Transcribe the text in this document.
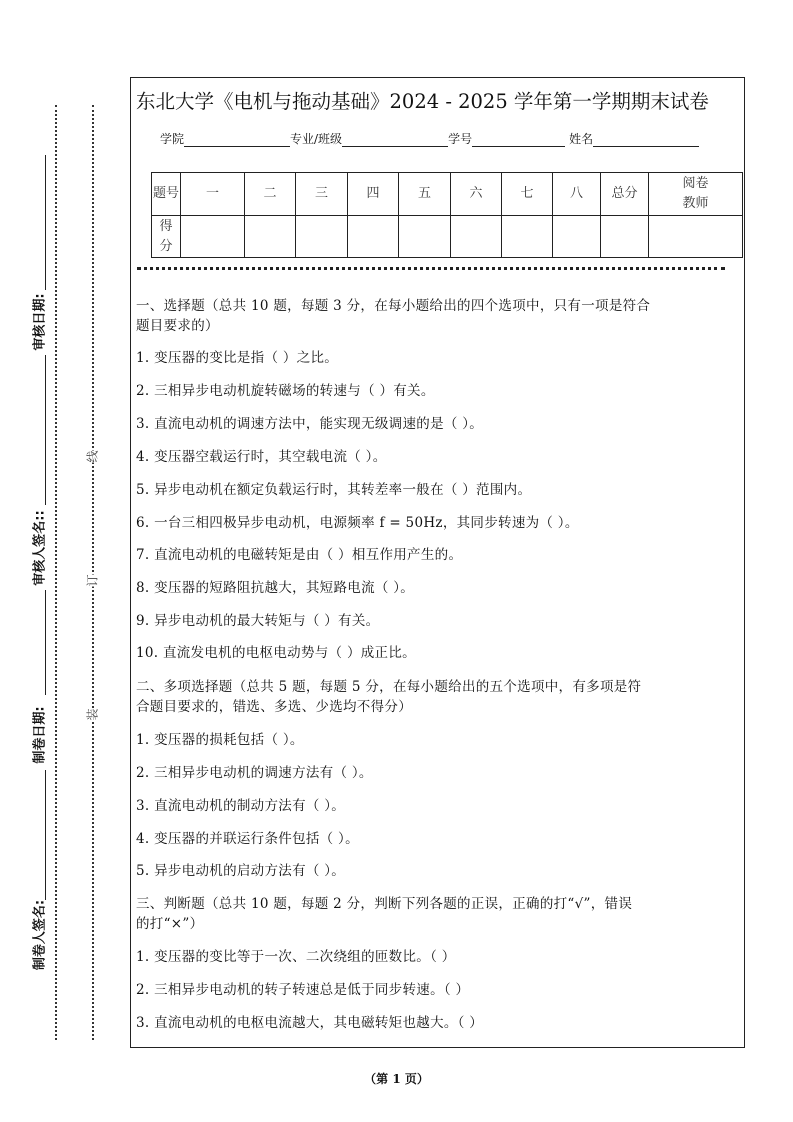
审核日期:
审核人签名::
制卷日期:
制卷人签名:
线
订
装
东北大学《电机与拖动基础》2024 - 2025 学年第一学期期末试卷
学院	专业/班级	学号	姓名
题号	一	二	三	四	五	六	七	八	总分	阅卷教师
得分										
一、选择题（总共 10 题，每题 3 分，在每小题给出的四个选项中，只有一项是符合
题目要求的）
1. 变压器的变比是指（ ）之比。
2. 三相异步电动机旋转磁场的转速与（ ）有关。
3. 直流电动机的调速方法中，能实现无级调速的是（ ）。
4. 变压器空载运行时，其空载电流（ ）。
5. 异步电动机在额定负载运行时，其转差率一般在（ ）范围内。
6. 一台三相四极异步电动机，电源频率 f = 50Hz，其同步转速为（ ）。
7. 直流电动机的电磁转矩是由（ ）相互作用产生的。
8. 变压器的短路阻抗越大，其短路电流（ ）。
9. 异步电动机的最大转矩与（ ）有关。
10. 直流发电机的电枢电动势与（ ）成正比。
二、多项选择题（总共 5 题，每题 5 分，在每小题给出的五个选项中，有多项是符
合题目要求的，错选、多选、少选均不得分）
1. 变压器的损耗包括（ ）。
2. 三相异步电动机的调速方法有（ ）。
3. 直流电动机的制动方法有（ ）。
4. 变压器的并联运行条件包括（ ）。
5. 异步电动机的启动方法有（ ）。
三、判断题（总共 10 题，每题 2 分，判断下列各题的正误，正确的打“√”，错误
的打“×”）
1. 变压器的变比等于一次、二次绕组的匝数比。（ ）
2. 三相异步电动机的转子转速总是低于同步转速。（ ）
3. 直流电动机的电枢电流越大，其电磁转矩也越大。（ ）
（第 1 页）
